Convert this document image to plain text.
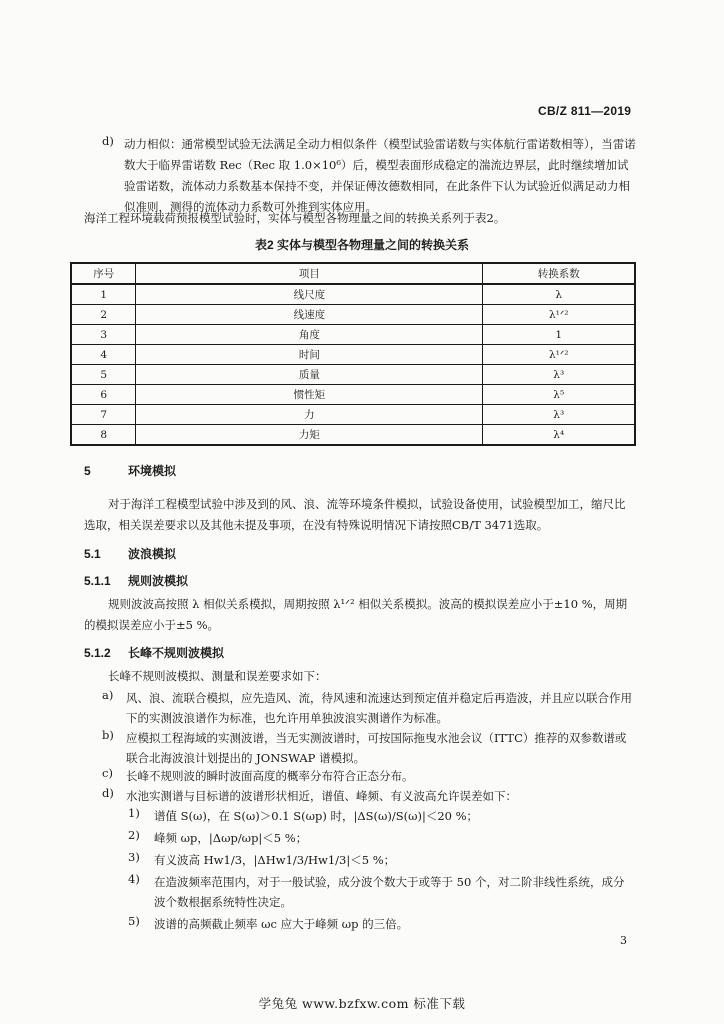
CB/Z 811—2019
d) 动力相似：通常模型试验无法满足全动力相似条件（模型试验雷诺数与实体航行雷诺数相等），当雷诺数大于临界雷诺数 Rec（Rec 取 1.0×10⁶）后，模型表面形成稳定的湍流边界层，此时继续增加试验雷诺数，流体动力系数基本保持不变，并保证傅汝德数相同，在此条件下认为试验近似满足动力相似准则，测得的流体动力系数可外推到实体应用。
海洋工程环境载荷预报模型试验时，实体与模型各物理量之间的转换关系列于表2。
表2 实体与模型各物理量之间的转换关系
序号	项目	转换系数
1	线尺度	λ
2	线速度	λ¹ᐟ²
3	角度	1
4	时间	λ¹ᐟ²
5	质量	λ³
6	惯性矩	λ⁵
7	力	λ³
8	力矩	λ⁴
5	环境模拟
对于海洋工程模型试验中涉及到的风、浪、流等环境条件模拟，试验设备使用，试验模型加工，缩尺比选取，相关误差要求以及其他未提及事项，在没有特殊说明情况下请按照CB/T 3471选取。
5.1 波浪模拟
5.1.1 规则波模拟
规则波波高按照 λ 相似关系模拟，周期按照 λ¹ᐟ² 相似关系模拟。波高的模拟误差应小于±10 %，周期的模拟误差应小于±5 %。
5.1.2 长峰不规则波模拟
长峰不规则波模拟、测量和误差要求如下：
a) 风、浪、流联合模拟，应先造风、流，待风速和流速达到预定值并稳定后再造波，并且应以联合作用下的实测波浪谱作为标准，也允许用单独波浪实测谱作为标准。
b) 应模拟工程海域的实测波谱，当无实测波谱时，可按国际拖曳水池会议（ITTC）推荐的双参数谱或联合北海波浪计划提出的 JONSWAP 谱模拟。
c) 长峰不规则波的瞬时波面高度的概率分布符合正态分布。
d) 水池实测谱与目标谱的波谱形状相近，谱值、峰频、有义波高允许误差如下：
1) 谱值 S(ω)，在 S(ω)＞0.1 S(ωp) 时，|ΔS(ω)/S(ω)|＜20 %；
2) 峰频 ωp，|Δωp/ωp|＜5 %；
3) 有义波高 Hw1/3，|ΔHw1/3/Hw1/3|＜5 %；
4) 在造波频率范围内，对于一般试验，成分波个数大于或等于 50 个，对二阶非线性系统，成分波个数根据系统特性决定。
5) 波谱的高频截止频率 ωc 应大于峰频 ωp 的三倍。
3
学兔兔 www.bzfxw.com 标准下载
